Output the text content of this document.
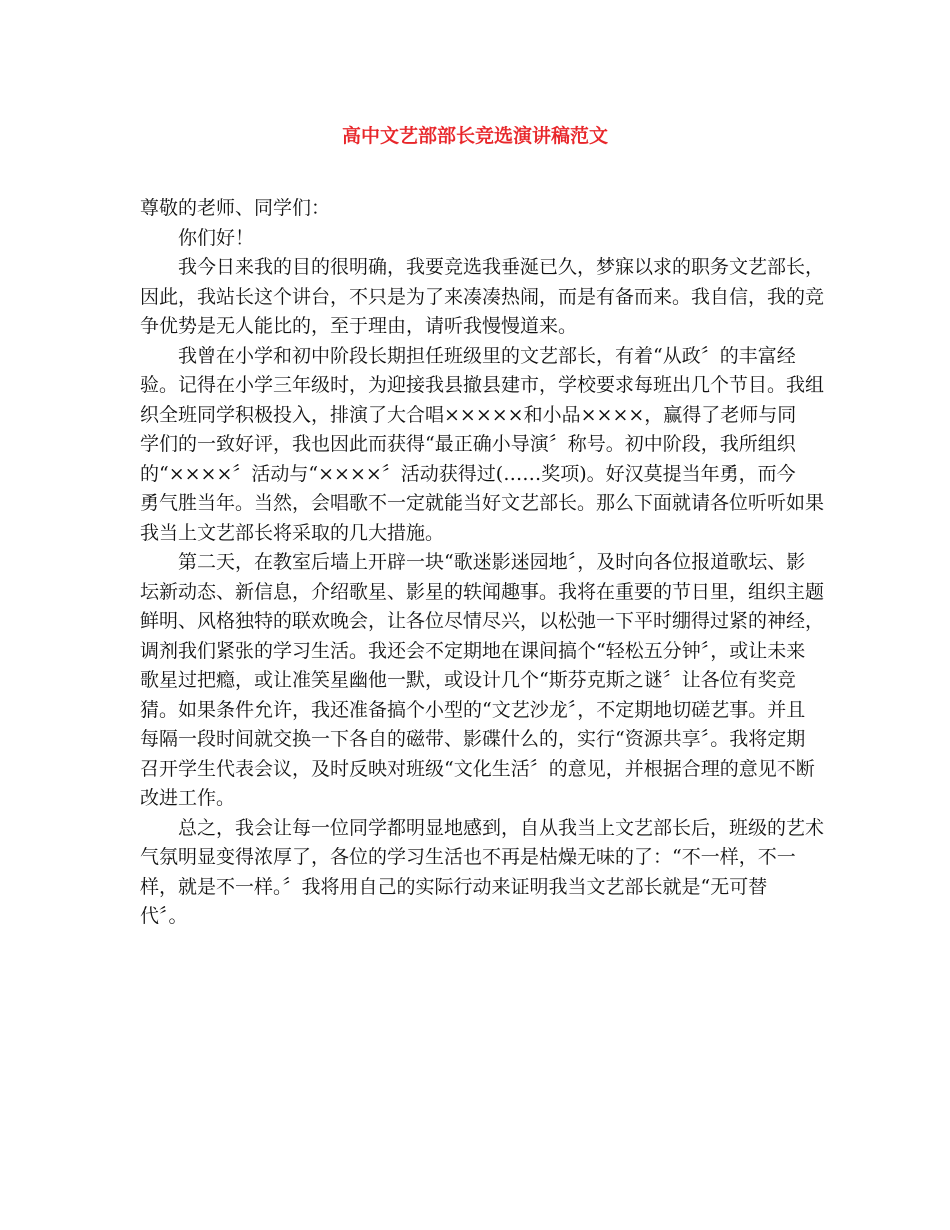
高中文艺部部长竞选演讲稿范文
尊敬的老师、同学们：
你们好！
我今日来我的目的很明确，我要竞选我垂涎已久，梦寐以求的职务文艺部长，
因此，我站长这个讲台，不只是为了来凑凑热闹，而是有备而来。我自信，我的竞
争优势是无人能比的，至于理由，请听我慢慢道来。
我曾在小学和初中阶段长期担任班级里的文艺部长，有着“从政〞的丰富经
验。记得在小学三年级时，为迎接我县撤县建市，学校要求每班出几个节目。我组
织全班同学积极投入，排演了大合唱×××××和小品××××，赢得了老师与同
学们的一致好评，我也因此而获得“最正确小导演〞称号。初中阶段，我所组织
的“××××〞活动与“××××〞活动获得过(……奖项)。好汉莫提当年勇，而今
勇气胜当年。当然，会唱歌不一定就能当好文艺部长。那么下面就请各位听听如果
我当上文艺部长将采取的几大措施。
第二天，在教室后墙上开辟一块“歌迷影迷园地〞，及时向各位报道歌坛、影
坛新动态、新信息，介绍歌星、影星的轶闻趣事。我将在重要的节日里，组织主题
鲜明、风格独特的联欢晚会，让各位尽情尽兴，以松弛一下平时绷得过紧的神经，
调剂我们紧张的学习生活。我还会不定期地在课间搞个“轻松五分钟〞，或让未来
歌星过把瘾，或让准笑星幽他一默，或设计几个“斯芬克斯之谜〞让各位有奖竞
猜。如果条件允许，我还准备搞个小型的“文艺沙龙〞，不定期地切磋艺事。并且
每隔一段时间就交换一下各自的磁带、影碟什么的，实行“资源共享〞。我将定期
召开学生代表会议，及时反映对班级“文化生活〞的意见，并根据合理的意见不断
改进工作。
总之，我会让每一位同学都明显地感到，自从我当上文艺部长后，班级的艺术
气氛明显变得浓厚了，各位的学习生活也不再是枯燥无味的了：“不一样，不一
样，就是不一样。〞我将用自己的实际行动来证明我当文艺部长就是“无可替
代〞。
